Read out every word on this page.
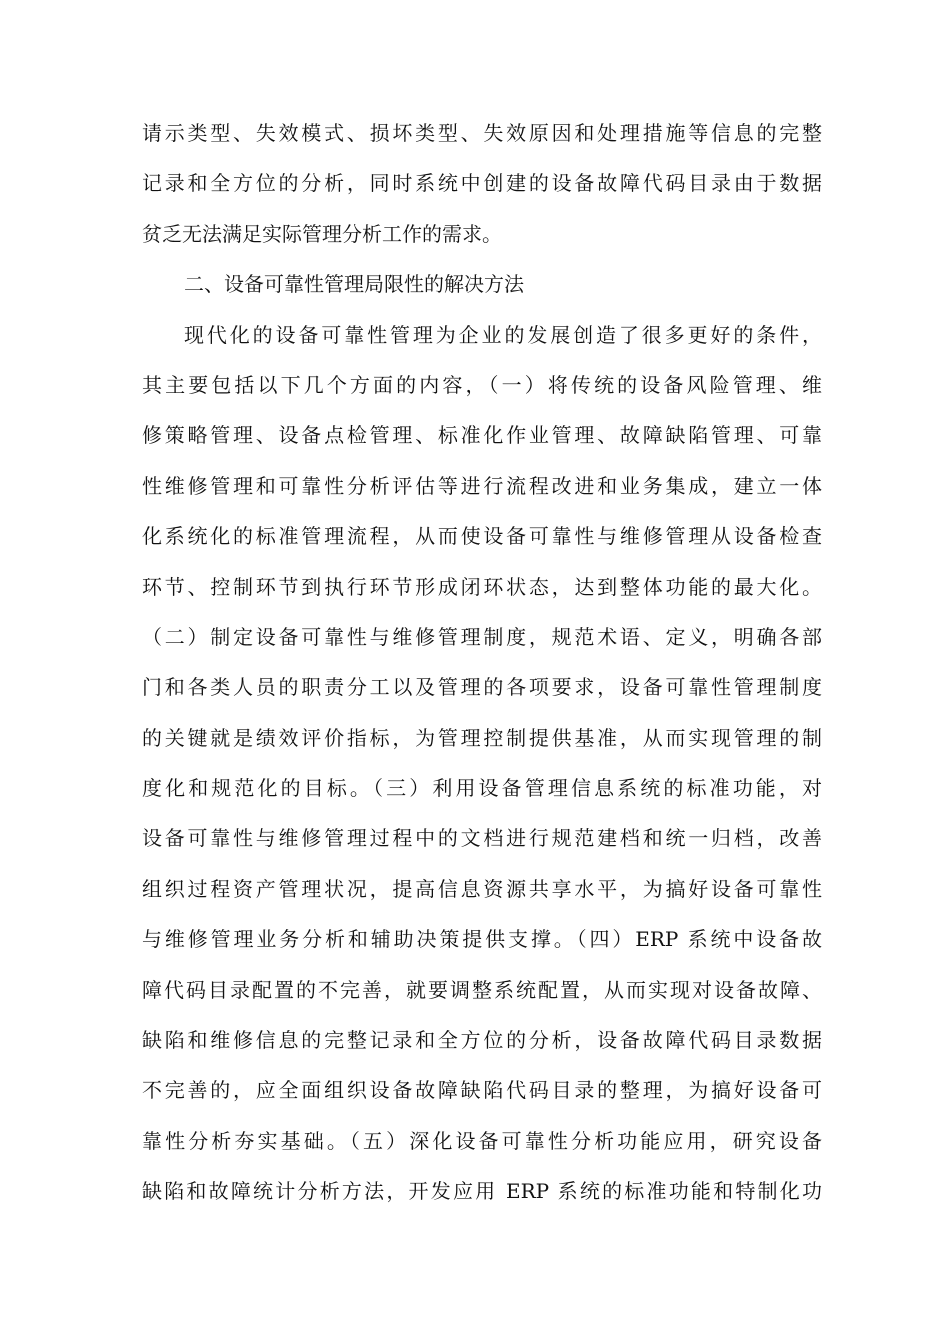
请示类型、失效模式、损坏类型、失效原因和处理措施等信息的完整
记录和全方位的分析，同时系统中创建的设备故障代码目录由于数据
贫乏无法满足实际管理分析工作的需求。
二、设备可靠性管理局限性的解决方法
现代化的设备可靠性管理为企业的发展创造了很多更好的条件，
其主要包括以下几个方面的内容，（一）将传统的设备风险管理、维
修策略管理、设备点检管理、标准化作业管理、故障缺陷管理、可靠
性维修管理和可靠性分析评估等进行流程改进和业务集成，建立一体
化系统化的标准管理流程，从而使设备可靠性与维修管理从设备检查
环节、控制环节到执行环节形成闭环状态，达到整体功能的最大化。
（二）制定设备可靠性与维修管理制度，规范术语、定义，明确各部
门和各类人员的职责分工以及管理的各项要求，设备可靠性管理制度
的关键就是绩效评价指标，为管理控制提供基准，从而实现管理的制
度化和规范化的目标。（三）利用设备管理信息系统的标准功能，对
设备可靠性与维修管理过程中的文档进行规范建档和统一归档，改善
组织过程资产管理状况，提高信息资源共享水平，为搞好设备可靠性
与维修管理业务分析和辅助决策提供支撑。（四）ERP 系统中设备故
障代码目录配置的不完善，就要调整系统配置，从而实现对设备故障、
缺陷和维修信息的完整记录和全方位的分析，设备故障代码目录数据
不完善的，应全面组织设备故障缺陷代码目录的整理，为搞好设备可
靠性分析夯实基础。（五）深化设备可靠性分析功能应用，研究设备
缺陷和故障统计分析方法，开发应用 ERP 系统的标准功能和特制化功
